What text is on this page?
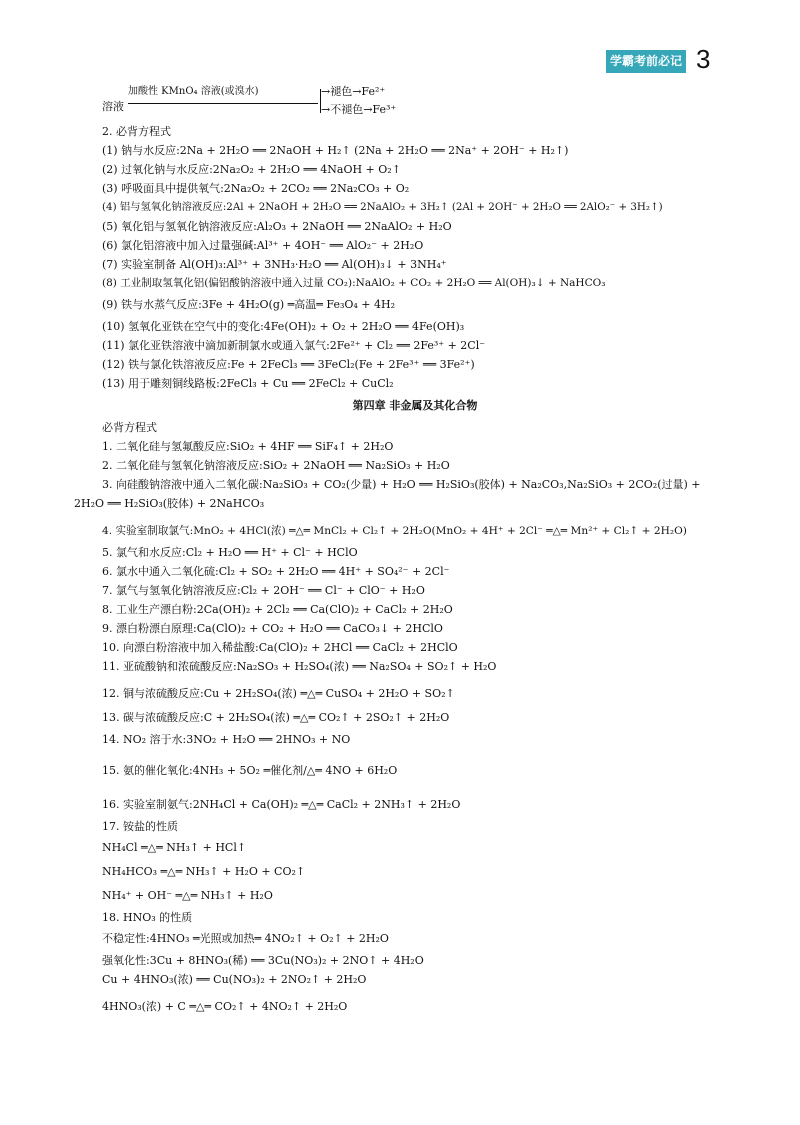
学霸考前必记 3
溶液
加酸性 KMnO₄ 溶液(或溴水)	→褪色→Fe²⁺
→不褪色→Fe³⁺
2. 必背方程式
(1) 钠与水反应:2Na + 2H₂O ══ 2NaOH + H₂↑ (2Na + 2H₂O ══ 2Na⁺ + 2OH⁻ + H₂↑)
(2) 过氧化钠与水反应:2Na₂O₂ + 2H₂O ══ 4NaOH + O₂↑
(3) 呼吸面具中提供氧气:2Na₂O₂ + 2CO₂ ══ 2Na₂CO₃ + O₂
(4) 铝与氢氧化钠溶液反应:2Al + 2NaOH + 2H₂O ══ 2NaAlO₂ + 3H₂↑ (2Al + 2OH⁻ + 2H₂O ══ 2AlO₂⁻ + 3H₂↑)
(5) 氧化铝与氢氧化钠溶液反应:Al₂O₃ + 2NaOH ══ 2NaAlO₂ + H₂O
(6) 氯化铝溶液中加入过量强碱:Al³⁺ + 4OH⁻ ══ AlO₂⁻ + 2H₂O
(7) 实验室制备 Al(OH)₃:Al³⁺ + 3NH₃·H₂O ══ Al(OH)₃↓ + 3NH₄⁺
(8) 工业制取氢氧化铝(偏铝酸钠溶液中通入过量 CO₂):NaAlO₂ + CO₂ + 2H₂O ══ Al(OH)₃↓ + NaHCO₃
(9) 铁与水蒸气反应:3Fe + 4H₂O(g) ═高温═ Fe₃O₄ + 4H₂
(10) 氢氧化亚铁在空气中的变化:4Fe(OH)₂ + O₂ + 2H₂O ══ 4Fe(OH)₃
(11) 氯化亚铁溶液中滴加新制氯水或通入氯气:2Fe²⁺ + Cl₂ ══ 2Fe³⁺ + 2Cl⁻
(12) 铁与氯化铁溶液反应:Fe + 2FeCl₃ ══ 3FeCl₂(Fe + 2Fe³⁺ ══ 3Fe²⁺)
(13) 用于雕刻铜线路板:2FeCl₃ + Cu ══ 2FeCl₂ + CuCl₂
第四章 非金属及其化合物
必背方程式
1. 二氧化硅与氢氟酸反应:SiO₂ + 4HF ══ SiF₄↑ + 2H₂O
2. 二氧化硅与氢氧化钠溶液反应:SiO₂ + 2NaOH ══ Na₂SiO₃ + H₂O
3. 向硅酸钠溶液中通入二氧化碳:Na₂SiO₃ + CO₂(少量) + H₂O ══ H₂SiO₃(胶体) + Na₂CO₃,Na₂SiO₃ + 2CO₂(过量) + 2H₂O ══ H₂SiO₃(胶体) + 2NaHCO₃
4. 实验室制取氯气:MnO₂ + 4HCl(浓) ═△═ MnCl₂ + Cl₂↑ + 2H₂O(MnO₂ + 4H⁺ + 2Cl⁻ ═△═ Mn²⁺ + Cl₂↑ + 2H₂O)
5. 氯气和水反应:Cl₂ + H₂O ══ H⁺ + Cl⁻ + HClO
6. 氯水中通入二氧化硫:Cl₂ + SO₂ + 2H₂O ══ 4H⁺ + SO₄²⁻ + 2Cl⁻
7. 氯气与氢氧化钠溶液反应:Cl₂ + 2OH⁻ ══ Cl⁻ + ClO⁻ + H₂O
8. 工业生产漂白粉:2Ca(OH)₂ + 2Cl₂ ══ Ca(ClO)₂ + CaCl₂ + 2H₂O
9. 漂白粉漂白原理:Ca(ClO)₂ + CO₂ + H₂O ══ CaCO₃↓ + 2HClO
10. 向漂白粉溶液中加入稀盐酸:Ca(ClO)₂ + 2HCl ══ CaCl₂ + 2HClO
11. 亚硫酸钠和浓硫酸反应:Na₂SO₃ + H₂SO₄(浓) ══ Na₂SO₄ + SO₂↑ + H₂O
12. 铜与浓硫酸反应:Cu + 2H₂SO₄(浓) ═△═ CuSO₄ + 2H₂O + SO₂↑
13. 碳与浓硫酸反应:C + 2H₂SO₄(浓) ═△═ CO₂↑ + 2SO₂↑ + 2H₂O
14. NO₂ 溶于水:3NO₂ + H₂O ══ 2HNO₃ + NO
15. 氨的催化氧化:4NH₃ + 5O₂ ═催化剂/△═ 4NO + 6H₂O
16. 实验室制氨气:2NH₄Cl + Ca(OH)₂ ═△═ CaCl₂ + 2NH₃↑ + 2H₂O
17. 铵盐的性质
NH₄Cl ═△═ NH₃↑ + HCl↑
NH₄HCO₃ ═△═ NH₃↑ + H₂O + CO₂↑
NH₄⁺ + OH⁻ ═△═ NH₃↑ + H₂O
18. HNO₃ 的性质
不稳定性:4HNO₃ ═光照或加热═ 4NO₂↑ + O₂↑ + 2H₂O
强氧化性:3Cu + 8HNO₃(稀) ══ 3Cu(NO₃)₂ + 2NO↑ + 4H₂O
Cu + 4HNO₃(浓) ══ Cu(NO₃)₂ + 2NO₂↑ + 2H₂O
4HNO₃(浓) + C ═△═ CO₂↑ + 4NO₂↑ + 2H₂O
